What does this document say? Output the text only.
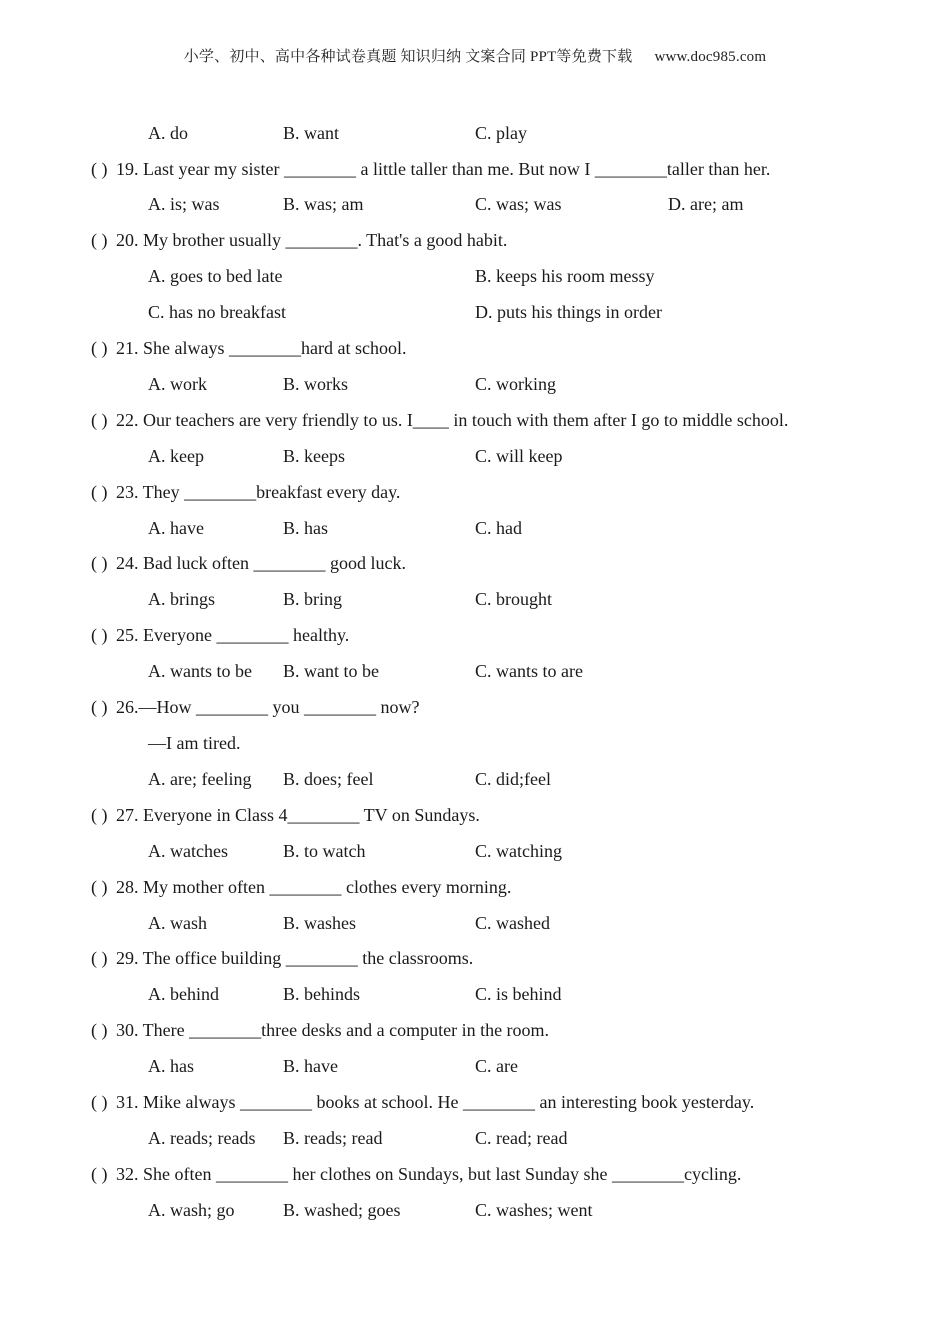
小学、初中、高中各种试卷真题 知识归纳 文案合同 PPT等免费下载 www.doc985.com
A. do	B. want	C. play
( ) 19. Last year my sister ________ a little taller than me. But now I ________taller than her.
A. is; was	B. was; am	C. was; was	D. are; am
( ) 20. My brother usually ________. That's a good habit.
A. goes to bed late	B. keeps his room messy
C. has no breakfast	D. puts his things in order
( ) 21. She always ________hard at school.
A. work	B. works	C. working
( ) 22. Our teachers are very friendly to us. I____ in touch with them after I go to middle school.
A. keep	B. keeps	C. will keep
( ) 23. They ________breakfast every day.
A. have	B. has	C. had
( ) 24. Bad luck often ________ good luck.
A. brings	B. bring	C. brought
( ) 25. Everyone ________ healthy.
A. wants to be B. want to be	C. wants to are
( ) 26.—How ________ you ________ now?
—I am tired.
A. are; feeling B. does; feel	C. did;feel
( ) 27. Everyone in Class 4________ TV on Sundays.
A. watches	B. to watch	C. watching
( ) 28. My mother often ________ clothes every morning.
A. wash	B. washes	C. washed
( ) 29. The office building ________ the classrooms.
A. behind	B. behinds	C. is behind
( ) 30. There ________three desks and a computer in the room.
A. has	B. have	C. are
( ) 31. Mike always ________ books at school. He ________ an interesting book yesterday.
A. reads; reads B. reads; read	C. read; read
( ) 32. She often ________ her clothes on Sundays, but last Sunday she ________cycling.
A. wash; go	B. washed; goes	C. washes; went
